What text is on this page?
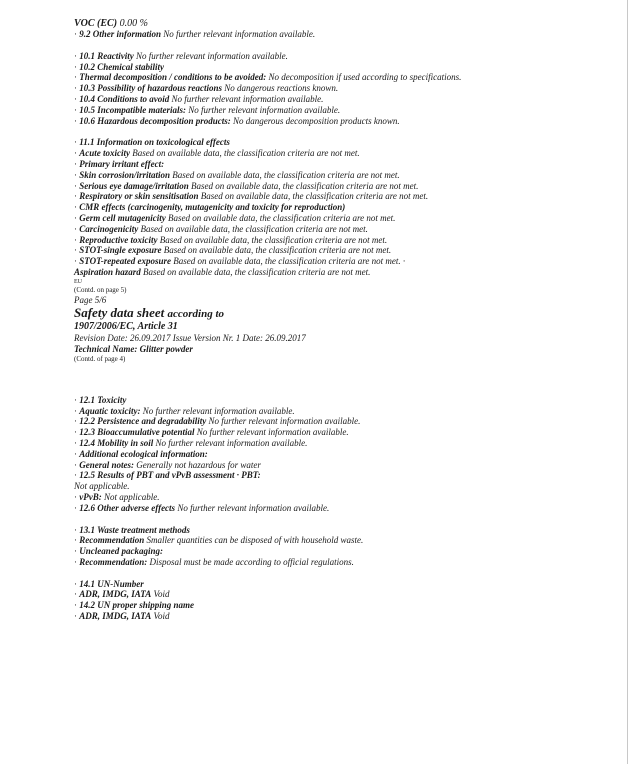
VOC (EC) 0.00 %
· 9.2 Other information No further relevant information available.
· 10.1 Reactivity No further relevant information available.
· 10.2 Chemical stability
· Thermal decomposition / conditions to be avoided: No decomposition if used according to specifications.
· 10.3 Possibility of hazardous reactions No dangerous reactions known.
· 10.4 Conditions to avoid No further relevant information available.
· 10.5 Incompatible materials: No further relevant information available.
· 10.6 Hazardous decomposition products: No dangerous decomposition products known.
· 11.1 Information on toxicological effects
· Acute toxicity Based on available data, the classification criteria are not met.
· Primary irritant effect:
· Skin corrosion/irritation Based on available data, the classification criteria are not met.
· Serious eye damage/irritation Based on available data, the classification criteria are not met.
· Respiratory or skin sensitisation Based on available data, the classification criteria are not met.
· CMR effects (carcinogenity, mutagenicity and toxicity for reproduction)
· Germ cell mutagenicity Based on available data, the classification criteria are not met.
· Carcinogenicity Based on available data, the classification criteria are not met.
· Reproductive toxicity Based on available data, the classification criteria are not met.
· STOT-single exposure Based on available data, the classification criteria are not met.
· STOT-repeated exposure Based on available data, the classification criteria are not met. ·
Aspiration hazard Based on available data, the classification criteria are not met.
EU
(Contd. on page 5)
Page 5/6
Safety data sheet according to
1907/2006/EC, Article 31
Revision Date: 26.09.2017 Issue Version Nr. 1 Date: 26.09.2017
Technical Name: Glitter powder
(Contd. of page 4)
· 12.1 Toxicity
· Aquatic toxicity: No further relevant information available.
· 12.2 Persistence and degradability No further relevant information available.
· 12.3 Bioaccumulative potential No further relevant information available.
· 12.4 Mobility in soil No further relevant information available.
· Additional ecological information:
· General notes: Generally not hazardous for water
· 12.5 Results of PBT and vPvB assessment · PBT:
Not applicable.
· vPvB: Not applicable.
· 12.6 Other adverse effects No further relevant information available.
· 13.1 Waste treatment methods
· Recommendation Smaller quantities can be disposed of with household waste.
· Uncleaned packaging:
· Recommendation: Disposal must be made according to official regulations.
· 14.1 UN-Number
· ADR, IMDG, IATA Void
· 14.2 UN proper shipping name
· ADR, IMDG, IATA Void
